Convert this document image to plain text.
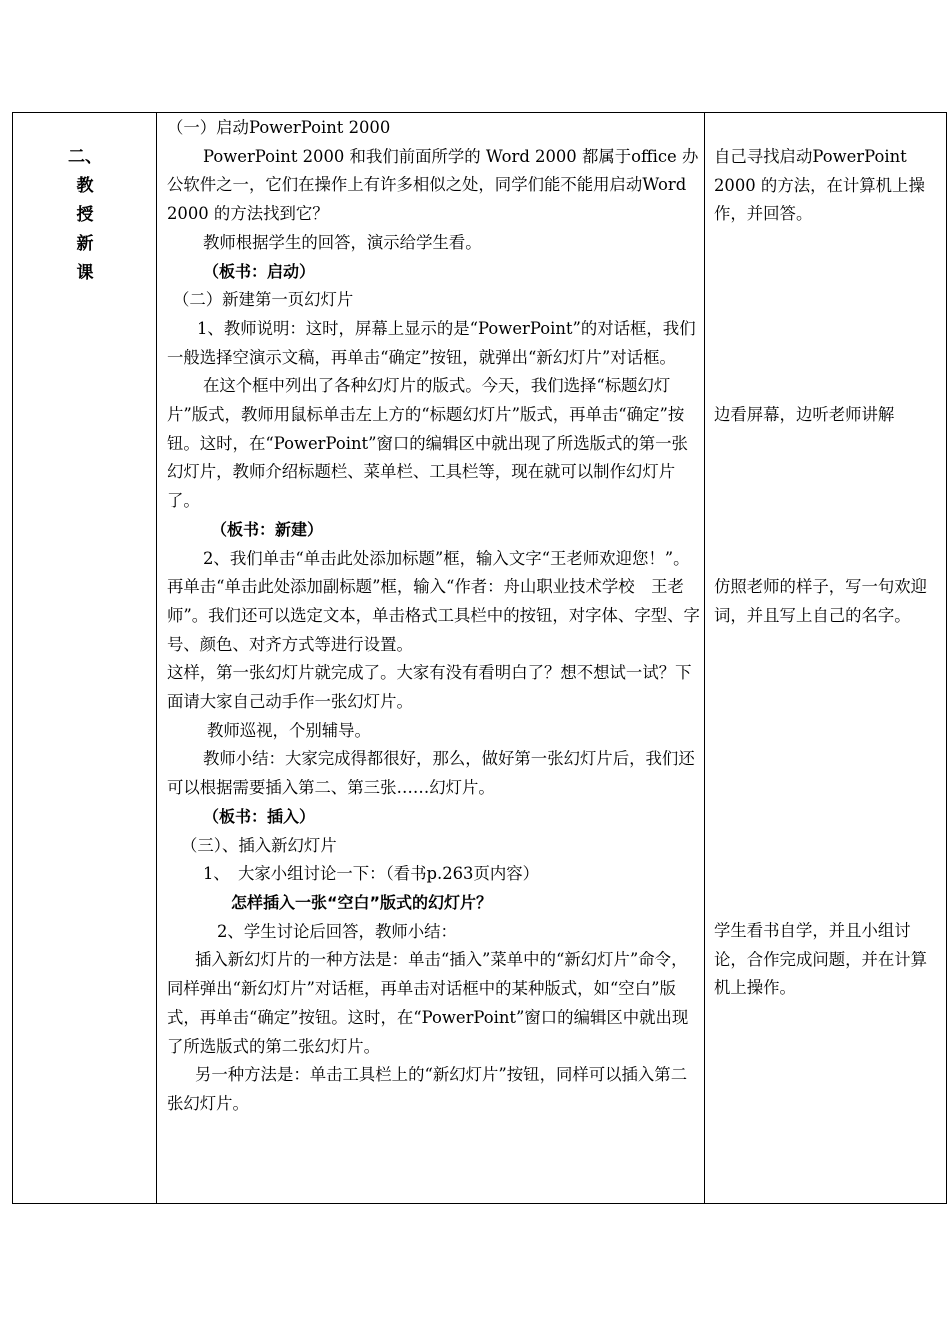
二、
教
授
新
课

（一）启动PowerPoint 2000

PowerPoint 2000 和我们前面所学的 Word 2000 都属于office 办公软件之一，它们在操作上有许多相似之处，同学们能不能用启动Word 2000 的方法找到它？

教师根据学生的回答，演示给学生看。

（板书：启动）

（二）新建第一页幻灯片

1、教师说明：这时，屏幕上显示的是“PowerPoint”的对话框，我们一般选择空演示文稿，再单击“确定”按钮，就弹出“新幻灯片”对话框。

在这个框中列出了各种幻灯片的版式。今天，我们选择“标题幻灯片”版式，教师用鼠标单击左上方的“标题幻灯片”版式，再单击“确定”按钮。这时，在“PowerPoint”窗口的编辑区中就出现了所选版式的第一张幻灯片，教师介绍标题栏、菜单栏、工具栏等，现在就可以制作幻灯片了。

（板书：新建）

2、我们单击“单击此处添加标题”框，输入文字“王老师欢迎您！”。再单击“单击此处添加副标题”框，输入“作者：舟山职业技术学校　王老师”。我们还可以选定文本，单击格式工具栏中的按钮，对字体、字型、字号、颜色、对齐方式等进行设置。

这样，第一张幻灯片就完成了。大家有没有看明白了？想不想试一试？下面请大家自己动手作一张幻灯片。

教师巡视，个别辅导。

教师小结：大家完成得都很好，那么，做好第一张幻灯片后，我们还可以根据需要插入第二、第三张……幻灯片。

（板书：插入）

（三）、插入新幻灯片

1、　大家小组讨论一下：（看书p.263页内容）

怎样插入一张“空白”版式的幻灯片？

2、学生讨论后回答，教师小结：

插入新幻灯片的一种方法是：单击“插入”菜单中的“新幻灯片”命令，同样弹出“新幻灯片”对话框，再单击对话框中的某种版式，如“空白”版式，再单击“确定”按钮。这时，在“PowerPoint”窗口的编辑区中就出现了所选版式的第二张幻灯片。

另一种方法是：单击工具栏上的“新幻灯片”按钮，同样可以插入第二张幻灯片。

自己寻找启动PowerPoint 2000 的方法，在计算机上操作，并回答。

边看屏幕，边听老师讲解

仿照老师的样子，写一句欢迎词，并且写上自己的名字。

学生看书自学，并且小组讨论，合作完成问题，并在计算机上操作。
